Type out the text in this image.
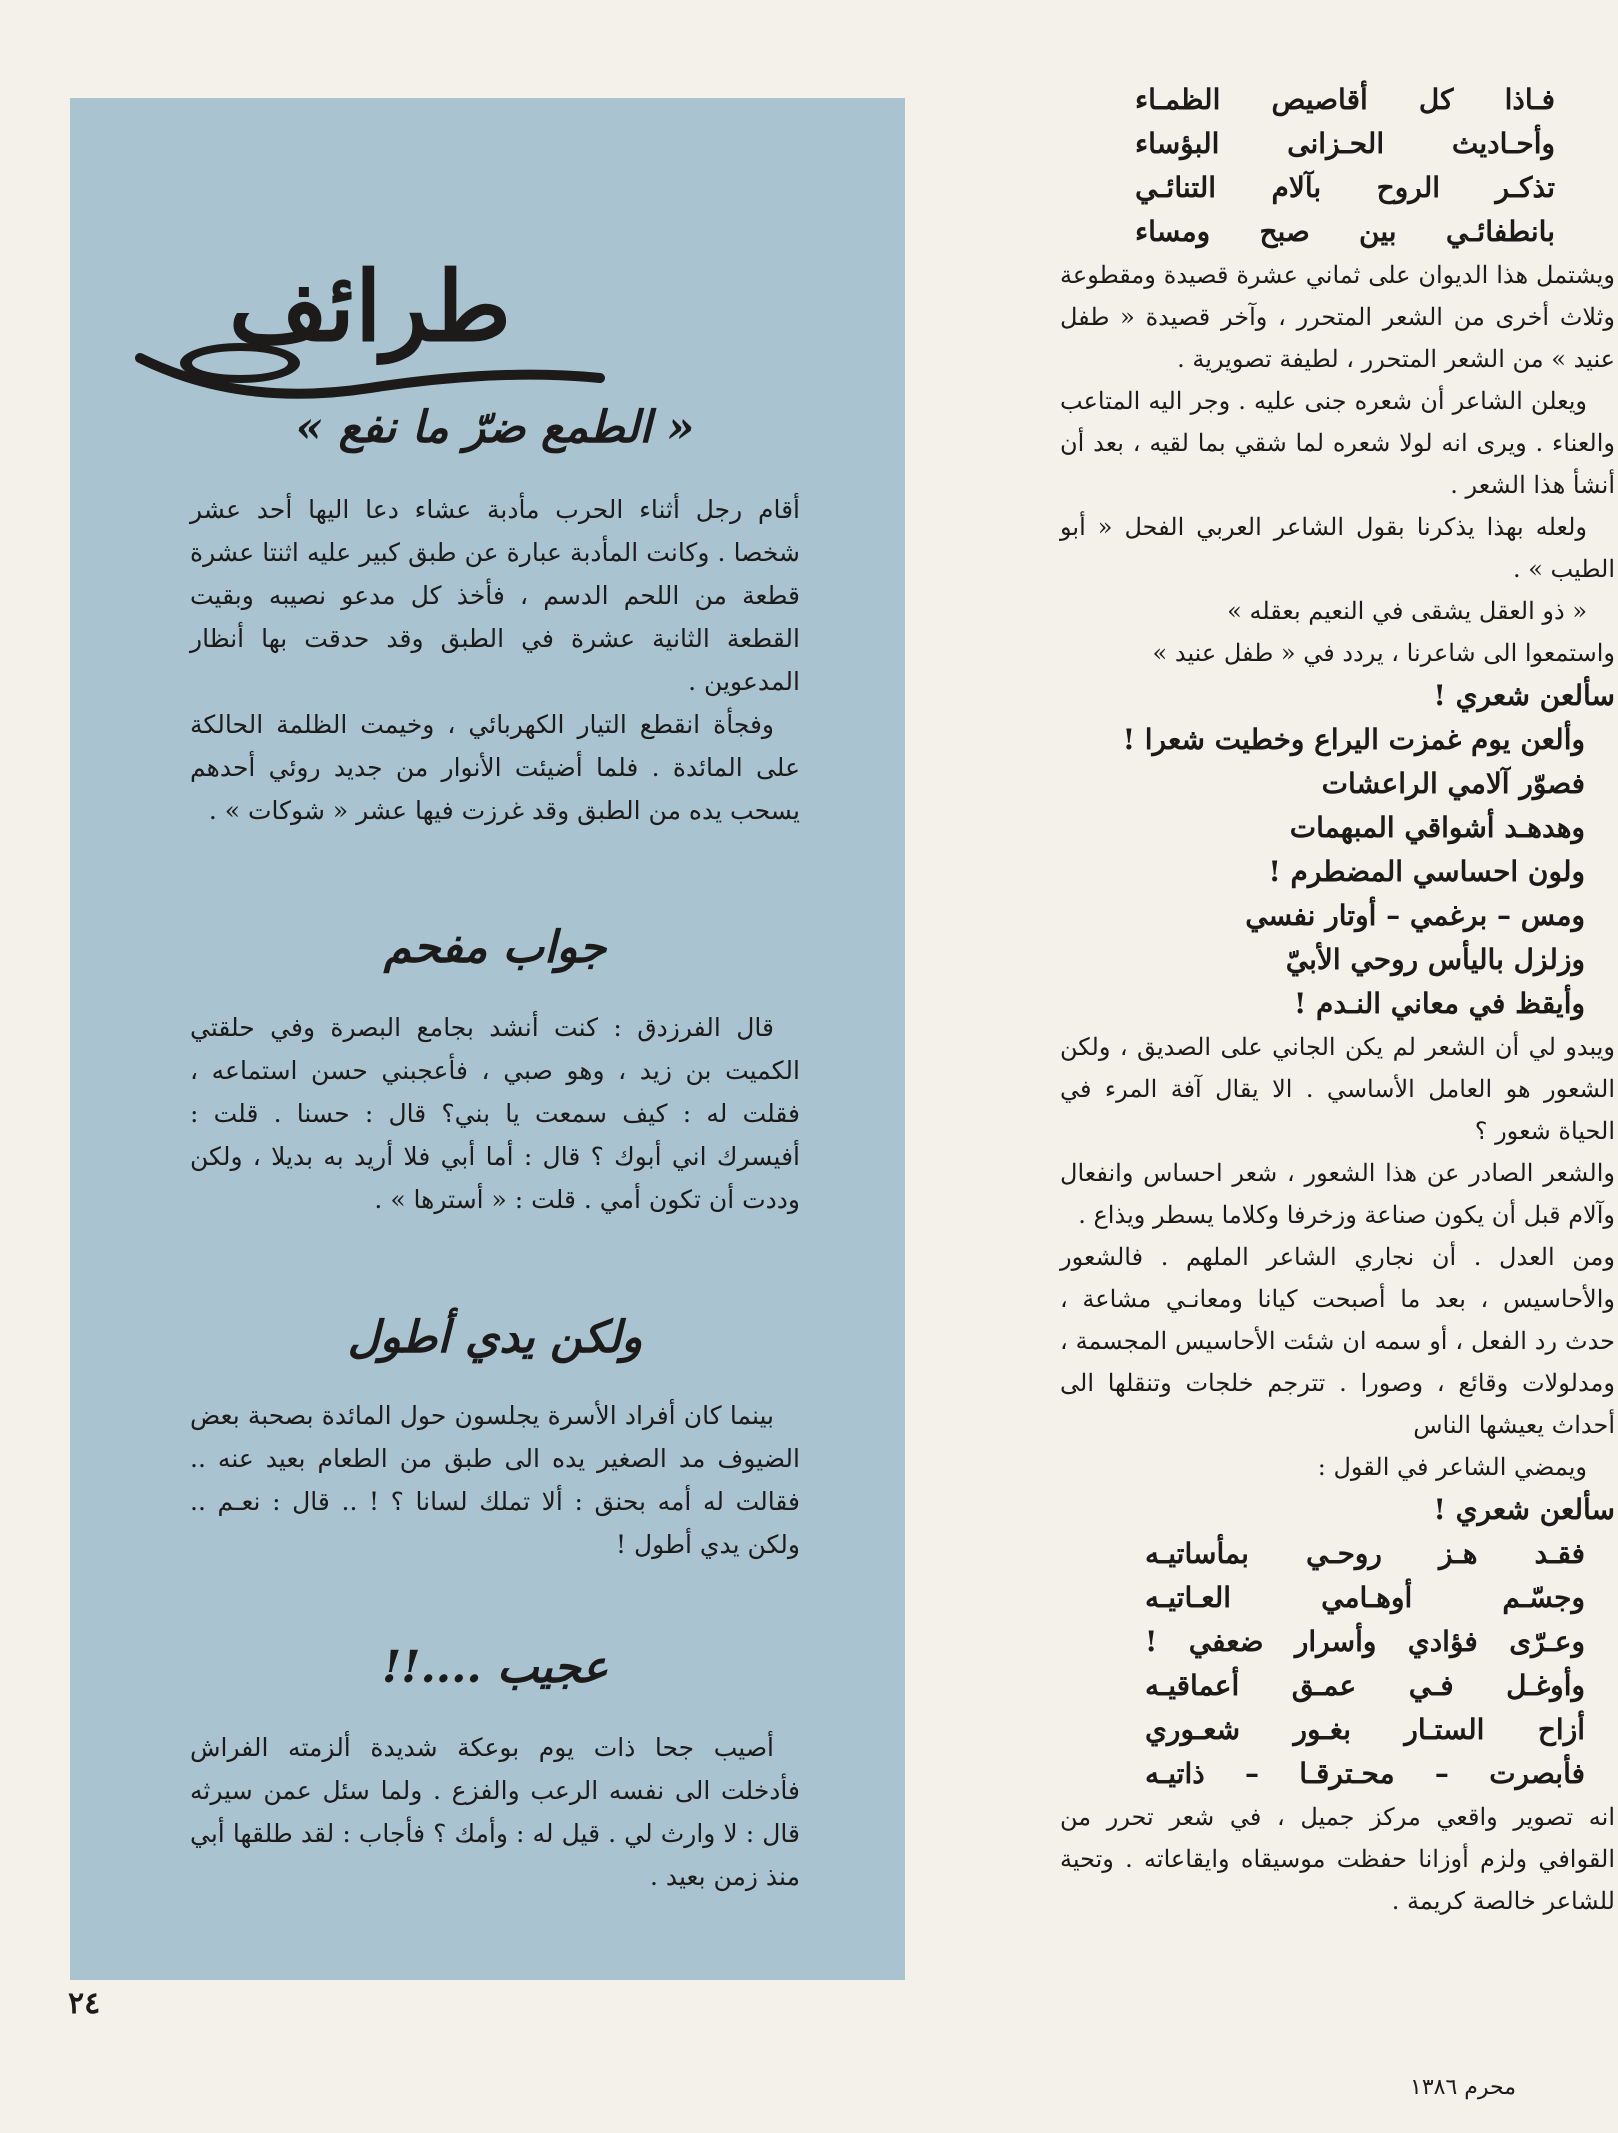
فـاذا كل أقاصيص الظمـاء
وأحـاديث الحـزانى البؤساء
تذكـر الروح بآلام التنائـي
بانطفائـي بين صبح ومساء

ويشتمل هذا الديوان على ثماني عشرة قصيدة ومقطوعة وثلاث أخرى من الشعر المتحرر ، وآخر قصيدة « طفل عنيد » من الشعر المتحرر ، لطيفة تصويرية .

ويعلن الشاعر أن شعره جنى عليه . وجر اليه المتاعب والعناء . ويرى انه لولا شعره لما شقي بما لقيه ، بعد أن أنشأ هذا الشعر .

ولعله بهذا يذكرنا بقول الشاعر العربي الفحل « أبو الطيب » .

« ذو العقل يشقى في النعيم بعقله »

واستمعوا الى شاعرنا ، يردد في « طفل عنيد »

سألعن شعري !
وألعن يوم غمزت اليراع وخطيت شعرا !
فصوّر آلامي الراعشات
وهدهـد أشواقي المبهمات
ولون احساسي المضطرم !
ومس – برغمي – أوتار نفسي
وزلزل باليأس روحي الأبيّ
وأيقظ في معاني النـدم !

ويبدو لي أن الشعر لم يكن الجاني على الصديق ، ولكن الشعور هو العامل الأساسي . الا يقال آفة المرء في الحياة شعور ؟

والشعر الصادر عن هذا الشعور ، شعر احساس وانفعال وآلام قبل أن يكون صناعة وزخرفا وكلاما يسطر ويذاع .

ومن العدل . أن نجاري الشاعر الملهم . فالشعور والأحاسيس ، بعد ما أصبحت كيانا ومعانـي مشاعة ، حدث رد الفعل ، أو سمه ان شئت الأحاسيس المجسمة ، ومدلولات وقائع ، وصورا . تترجم خلجات وتنقلها الى أحداث يعيشها الناس

ويمضي الشاعر في القول :

سألعن شعري !
فقـد هـز روحـي بمأساتيـه
وجسّـم أوهـامي العـاتيـه
وعـرّى فؤادي وأسرار ضعفي !
وأوغـل فـي عمـق أعماقيـه
أزاح الستـار بغـور شعـوري
فأبصرت – محـترقـا – ذاتيـه

انه تصوير واقعي مركز جميل ، في شعر تحرر من القوافي ولزم أوزانا حفظت موسيقاه وايقاعاته . وتحية للشاعر خالصة كريمة .

طرائف
« الطمع ضرّ ما نفع »

أقام رجل أثناء الحرب مأدبة عشاء دعا اليها أحد عشر شخصا . وكانت المأدبة عبارة عن طبق كبير عليه اثنتا عشرة قطعة من اللحم الدسم ، فأخذ كل مدعو نصيبه وبقيت القطعة الثانية عشرة في الطبق وقد حدقت بها أنظار المدعوين .

وفجأة انقطع التيار الكهربائي ، وخيمت الظلمة الحالكة على المائدة . فلما أضيئت الأنوار من جديد روئي أحدهم يسحب يده من الطبق وقد غرزت فيها عشر « شوكات » .

جواب مفحم

قال الفرزدق : كنت أنشد بجامع البصرة وفي حلقتي الكميت بن زيد ، وهو صبي ، فأعجبني حسن استماعه ، فقلت له : كيف سمعت يا بني؟ قال : حسنا . قلت : أفيسرك اني أبوك ؟ قال : أما أبي فلا أريد به بديلا ، ولكن وددت أن تكون أمي . قلت : « أسترها » .

ولكن يدي أطول

بينما كان أفراد الأسرة يجلسون حول المائدة بصحبة بعض الضيوف مد الصغير يده الى طبق من الطعام بعيد عنه .. فقالت له أمه بحنق : ألا تملك لسانا ؟ ! .. قال : نعـم .. ولكن يدي أطول !

عجيب ....!!

أصيب جحا ذات يوم بوعكة شديدة ألزمته الفراش فأدخلت الى نفسه الرعب والفزع . ولما سئل عمن سيرثه قال : لا وارث لي . قيل له : وأمك ؟ فأجاب : لقد طلقها أبي منذ زمن بعيد .

٢٤
محرم ١٣٨٦
